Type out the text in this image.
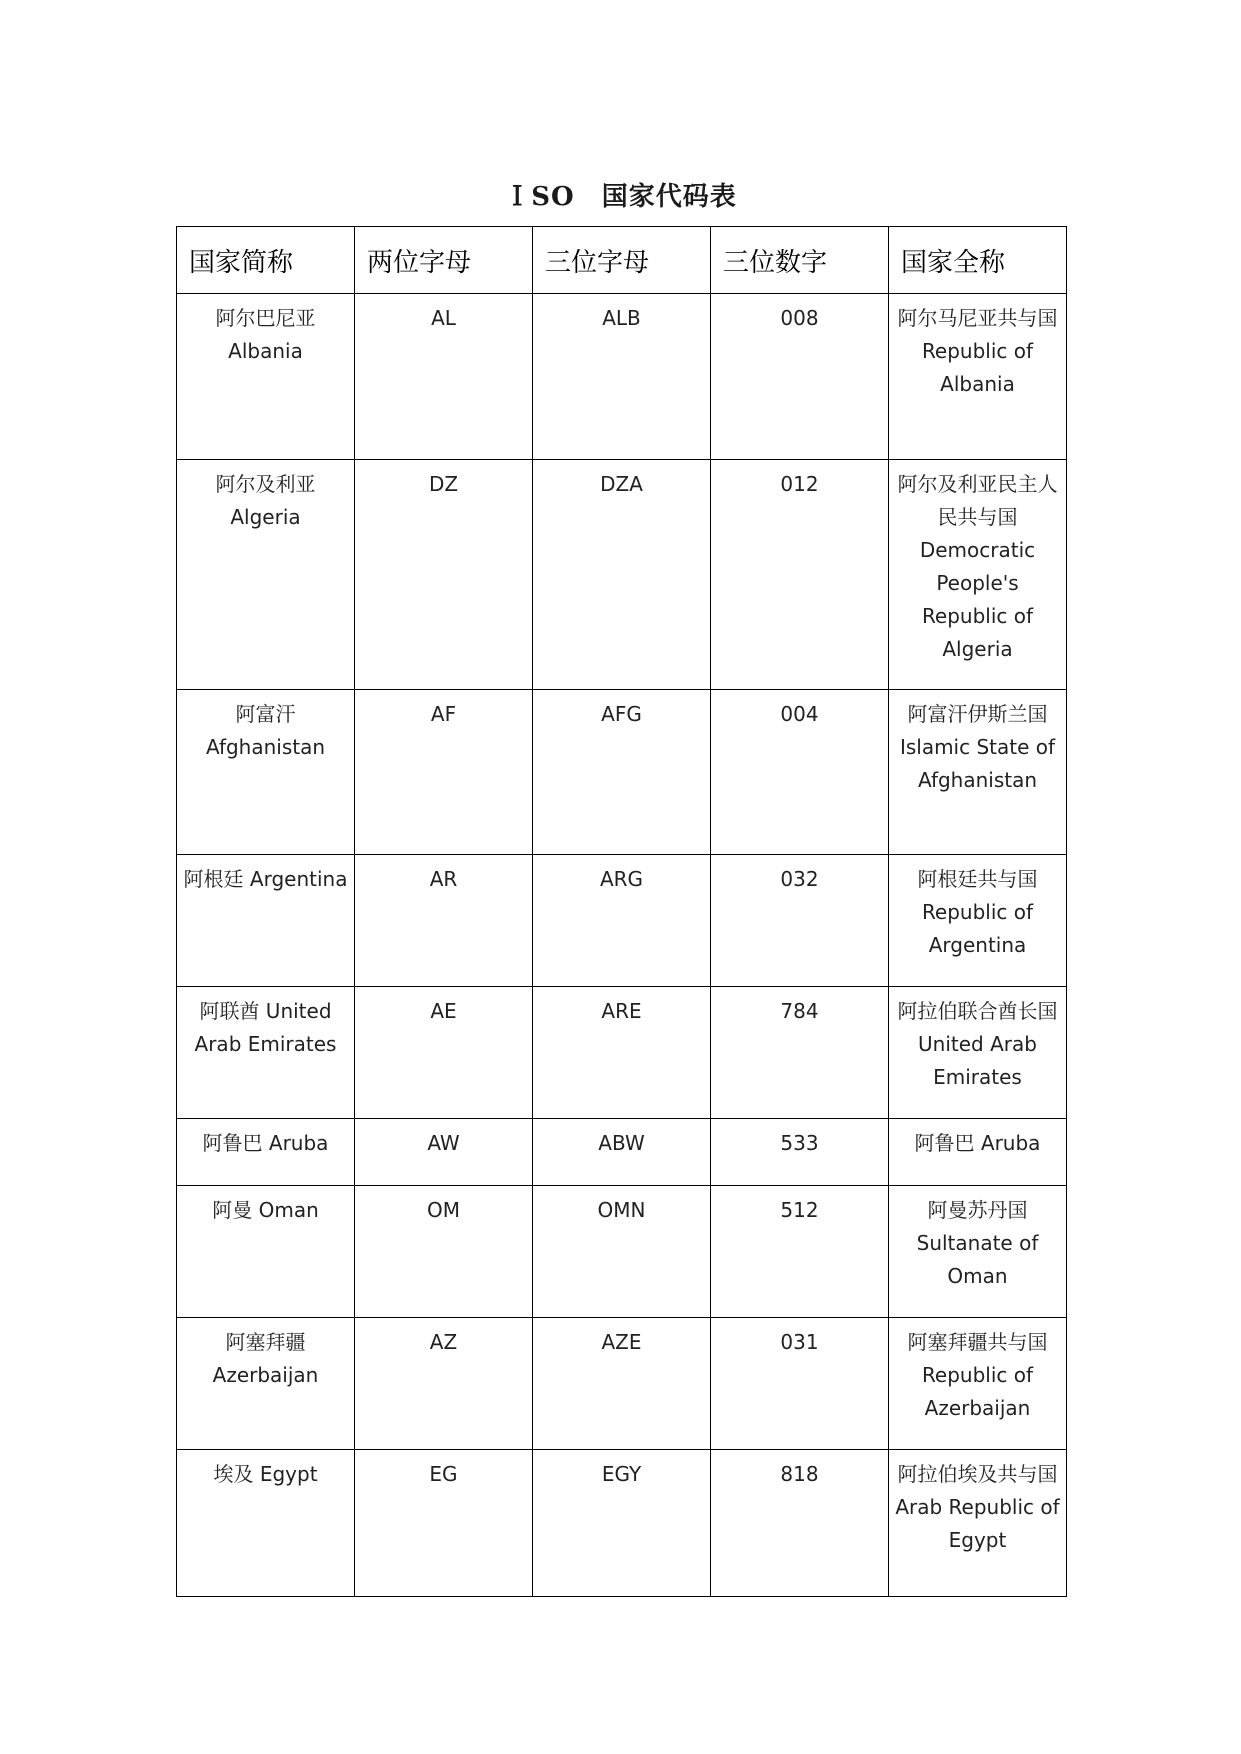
ＩSO　国家代码表
国家简称	两位字母	三位字母	三位数字	国家全称
阿尔巴尼亚 Albania	AL	ALB	008	阿尔马尼亚共与国 Republic of Albania
阿尔及利亚 Algeria	DZ	DZA	012	阿尔及利亚民主人民共与国 Democratic People's Republic of Algeria
阿富汗 Afghanistan	AF	AFG	004	阿富汗伊斯兰国 Islamic State of Afghanistan
阿根廷 Argentina	AR	ARG	032	阿根廷共与国 Republic of Argentina
阿联酋 United Arab Emirates	AE	ARE	784	阿拉伯联合酋长国 United Arab Emirates
阿鲁巴 Aruba	AW	ABW	533	阿鲁巴 Aruba
阿曼 Oman	OM	OMN	512	阿曼苏丹国 Sultanate of Oman
阿塞拜疆 Azerbaijan	AZ	AZE	031	阿塞拜疆共与国 Republic of Azerbaijan
埃及 Egypt	EG	EGY	818	阿拉伯埃及共与国 Arab Republic of Egypt
